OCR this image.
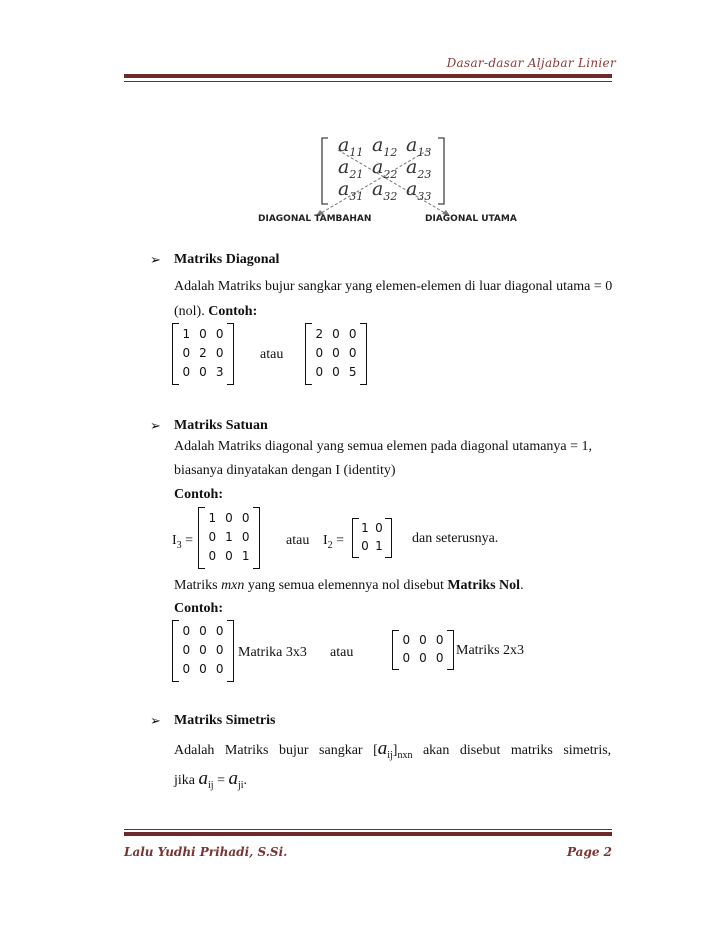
Dasar-dasar Aljabar Linier
$a_{11}$ $a_{12}$ $a_{13}$
$a_{21}$ $a_{22}$ $a_{23}$
$a_{31}$ $a_{32}$ $a_{33}$
DIAGONAL TAMBAHAN	DIAGONAL UTAMA
➢ Matriks Diagonal
Adalah Matriks bujur sangkar yang elemen-elemen di luar diagonal utama = 0
(nol). Contoh:
1 0 0
0 2 0
0 0 3
atau
2 0 0
0 0 0
0 0 5
➢ Matriks Satuan
Adalah Matriks diagonal yang semua elemen pada diagonal utamanya = 1,
biasanya dinyatakan dengan I (identity)
Contoh:
$I_3$ =
1 0 0
0 1 0
0 0 1
atau $I_2$ =
1 0
0 1 dan seterusnya.
Matriks mxn yang semua elemennya nol disebut Matriks Nol.
Contoh:
0 0 0
0 0 0
0 0 0
Matrika 3x3 atau
0 0 0
0 0 0 Matriks 2x3
➢ Matriks Simetris
Adalah   Matriks   bujur   sangkar   $[a_{ij}]_{nxn}$   akan   disebut   matriks   simetris,
jika $a_{ij} = a_{ji}$.
Lalu Yudhi Prihadi, S.Si.	Page 2
